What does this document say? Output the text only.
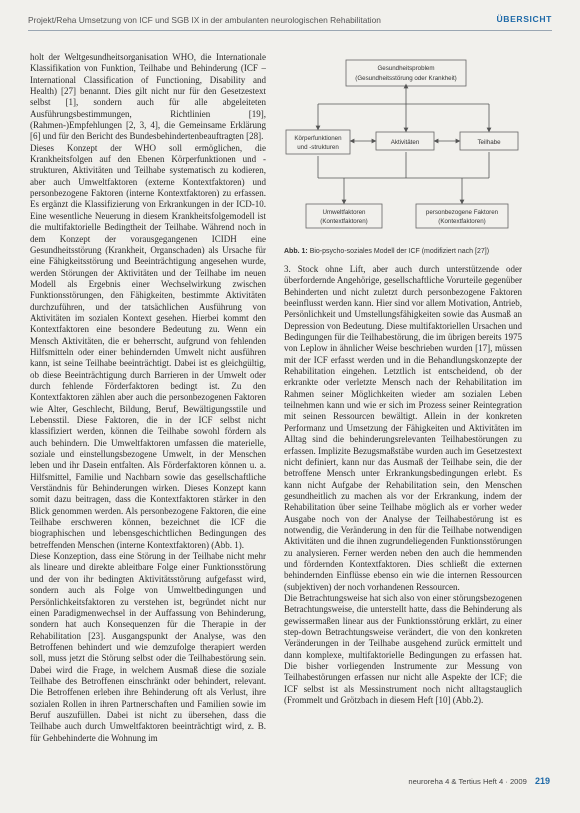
Projekt/Reha Umsetzung von ICF und SGB IX in der ambulanten neurologischen Rehabilitation	ÜBERSICHT

holt der Weltgesundheitsorganisation WHO, die Internationale Klassifikation von Funktion, Teilhabe und Behinderung (ICF – International Classification of Functioning, Disability and Health) [27] benannt. Dies gilt nicht nur für den Gesetzestext selbst [1], sondern auch für alle abgeleiteten Ausführungsbestimmungen, Richtlinien [19], (Rahmen-)Empfehlungen [2, 3, 4], die Gemeinsame Erklärung [6] und für den Bericht des Bundesbehindertenbeauftragten [28].

Dieses Konzept der WHO soll ermöglichen, die Krankheitsfolgen auf den Ebenen Körperfunktionen und -strukturen, Aktivitäten und Teilhabe systematisch zu kodieren, aber auch Umweltfaktoren (externe Kontextfaktoren) und personbezogene Faktoren (interne Kontextfaktoren) zu erfassen. Es ergänzt die Klassifizierung von Erkrankungen in der ICD-10. Eine wesentliche Neuerung in diesem Krankheitsfolgemodell ist die multifaktorielle Bedingtheit der Teilhabe. Während noch in dem Konzept der vorausgegangenen ICIDH eine Gesundheitsstörung (Krankheit, Organschaden) als Ursache für eine Fähigkeitsstörung und Beeinträchtigung angesehen wurde, werden Störungen der Aktivitäten und der Teilhabe im neuen Modell als Ergebnis einer Wechselwirkung zwischen Funktionsstörungen, den Fähigkeiten, bestimmte Aktivitäten durchzuführen, und der tatsächlichen Ausführung von Aktivitäten im sozialen Kontext gesehen. Hierbei kommt den Kontextfaktoren eine besondere Bedeutung zu. Wenn ein Mensch Aktivitäten, die er beherrscht, aufgrund von fehlenden Hilfsmitteln oder einer behindernden Umwelt nicht ausführen kann, ist seine Teilhabe beeinträchtigt. Dabei ist es gleichgültig, ob diese Beeinträchtigung durch Barrieren in der Umwelt oder durch fehlende Förderfaktoren bedingt ist. Zu den Kontextfaktoren zählen aber auch die personbezogenen Faktoren wie Alter, Geschlecht, Bildung, Beruf, Bewältigungsstile und Lebensstil. Diese Faktoren, die in der ICF selbst nicht klassifiziert werden, können die Teilhabe sowohl fördern als auch behindern. Die Umweltfaktoren umfassen die materielle, soziale und einstellungsbezogene Umwelt, in der Menschen leben und ihr Dasein entfalten. Als Förderfaktoren können u. a. Hilfsmittel, Familie und Nachbarn sowie das gesellschaftliche Verständnis für Behinderungen wirken. Dieses Konzept kann somit dazu beitragen, dass die Kontextfaktoren stärker in den Blick genommen werden. Als personbezogene Faktoren, die eine Teilhabe erschweren können, bezeichnet die ICF die biographischen und lebensgeschichtlichen Bedingungen des betreffenden Menschen (interne Kontextfaktoren) (Abb. 1).

Diese Konzeption, dass eine Störung in der Teilhabe nicht mehr als lineare und direkte ableitbare Folge einer Funktionsstörung und der von ihr bedingten Aktivitätsstörung aufgefasst wird, sondern auch als Folge von Umweltbedingungen und Persönlichkeitsfaktoren zu verstehen ist, begründet nicht nur einen Paradigmenwechsel in der Auffassung von Behinderung, sondern hat auch Konsequenzen für die Therapie in der Rehabilitation [23]. Ausgangspunkt der Analyse, was den Betroffenen behindert und wie demzufolge therapiert werden soll, muss jetzt die Störung selbst oder die Teilhabestörung sein. Dabei wird die Frage, in welchem Ausmaß diese die soziale Teilhabe des Betroffenen einschränkt oder behindert, relevant. Die Betroffenen erleben ihre Behinderung oft als Verlust, ihre sozialen Rollen in ihren Partnerschaften und Familien sowie im Beruf auszufüllen. Dabei ist nicht zu übersehen, dass die Teilhabe auch durch Umweltfaktoren beeinträchtigt wird, z. B. für Gehbehinderte die Wohnung im

Gesundheitsproblem
(Gesundheitsstörung oder Krankheit)
Körperfunktionen
und -strukturen
Aktivitäten	Teilhabe
Umweltfaktoren
(Kontextfaktoren)
personbezogene Faktoren
(Kontextfaktoren)
Abb. 1: Bio-psycho-soziales Modell der ICF (modifiziert nach [27])

3. Stock ohne Lift, aber auch durch unterstützende oder überfordernde Angehörige, gesellschaftliche Vorurteile gegenüber Behinderten und nicht zuletzt durch personbezogene Faktoren beeinflusst werden kann. Hier sind vor allem Motivation, Antrieb, Persönlichkeit und Umstellungsfähigkeiten sowie das Ausmaß an Depression von Bedeutung. Diese multifaktoriellen Ursachen und Bedingungen für die Teilhabestörung, die im übrigen bereits 1975 von Leplow in ähnlicher Weise beschrieben wurden [17], müssen mit der ICF erfasst werden und in die Behandlungskonzepte der Rehabilitation eingehen. Letztlich ist entscheidend, ob der erkrankte oder verletzte Mensch nach der Rehabilitation im Rahmen seiner Möglichkeiten wieder am sozialen Leben teilnehmen kann und wie er sich im Prozess seiner Reintegration mit seinen Ressourcen bewältigt. Allein in der konkreten Performanz und Umsetzung der Fähigkeiten und Aktivitäten im Alltag sind die behinderungsrelevanten Teilhabestörungen zu erfassen. Implizite Bezugsmaßstäbe wurden auch im Gesetzestext nicht definiert, kann nur das Ausmaß der Teilhabe sein, die der betroffene Mensch unter Erkrankungsbedingungen erlebt. Es kann nicht Aufgabe der Rehabilitation sein, den Menschen gesundheitlich zu machen als vor der Erkrankung, indem der Rehabilitation über seine Teilhabe möglich als er vorher weder Ausgabe noch von der Analyse der Teilhabestörung ist es notwendig, die Veränderung in den für die Teilhabe notwendigen Aktivitäten und die ihnen zugrundeliegenden Funktionsstörungen zu analysieren. Ferner werden neben den auch die hemmenden und fördernden Kontextfaktoren. Dies schließt die externen behindernden Einflüsse ebenso ein wie die internen Ressourcen (subjektiven) der noch vorhandenen Ressourcen.

Die Betrachtungsweise hat sich also von einer störungsbezogenen Betrachtungsweise, die unterstellt hatte, dass die Behinderung als gewissermaßen linear aus der Funktionsstörung erklärt, zu einer step-down Betrachtungsweise verändert, die von den konkreten Veränderungen in der Teilhabe ausgehend zurück ermittelt und dann komplexe, multifaktorielle Bedingungen zu erfassen hat. Die bisher vorliegenden Instrumente zur Messung von Teilhabestörungen erfassen nur nicht alle Aspekte der ICF; die ICF selbst ist als Messinstrument noch nicht alltagstauglich (Frommelt und Grötzbach in diesem Heft [10] (Abb.2).

neuroreha 4 & Tertius Heft 4 · 2009 219
